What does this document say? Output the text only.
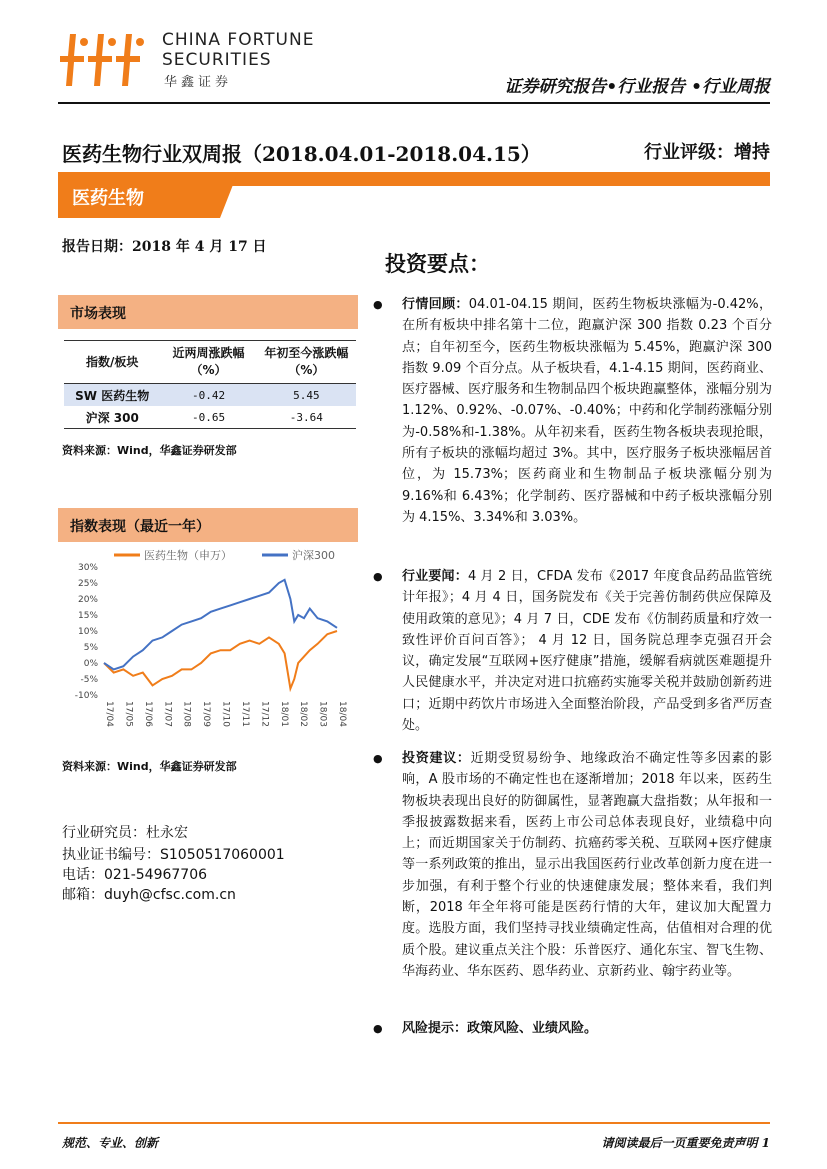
CHINA FORTUNE
SECURITIES
华鑫证券	证券研究报告•行业报告 •行业周报
医药生物行业双周报（2018.04.01-2018.04.15）	行业评级：增持
医药生物
报告日期：2018 年 4 月 17 日
投资要点：
市场表现
指数/板块	近两周涨跌幅（%）	年初至今涨跌幅（%）
SW 医药生物	-0.42	5.45
沪深 300	-0.65	-3.64
资料来源：Wind，华鑫证券研发部
指数表现（最近一年）
30%
25%
20%
15%
10%
5%
0%
-5%
-10%
17/04 17/05 17/06 17/07 17/08 17/09 17/10 17/11 17/12 18/01 18/02 18/03 18/04
医药生物（申万）	沪深300
资料来源：Wind，华鑫证券研发部
行业研究员：杜永宏
执业证书编号：S1050517060001
电话：021-54967706
邮箱：duyh@cfsc.com.cn
●	行情回顾：04.01-04.15 期间，医药生物板块涨幅为-0.42%，在所有板块中排名第十二位，跑赢沪深 300 指数 0.23 个百分点；自年初至今，医药生物板块涨幅为 5.45%，跑赢沪深 300 指数 9.09 个百分点。从子板块看，4.1-4.15 期间，医药商业、医疗器械、医疗服务和生物制品四个板块跑赢整体，涨幅分别为 1.12%、0.92%、-0.07%、-0.40%；中药和化学制药涨幅分别为-0.58%和-1.38%。从年初来看，医药生物各板块表现抢眼，所有子板块的涨幅均超过 3%。其中，医疗服务子板块涨幅居首位，为 15.73%；医药商业和生物制品子板块涨幅分别为 9.16%和 6.43%；化学制药、医疗器械和中药子板块涨幅分别为 4.15%、3.34%和 3.03%。
●	行业要闻：4 月 2 日，CFDA 发布《2017 年度食品药品监管统计年报》；4 月 4 日，国务院发布《关于完善仿制药供应保障及使用政策的意见》；4 月 7 日，CDE 发布《仿制药质量和疗效一致性评价百问百答》； 4 月 12 日，国务院总理李克强召开会议，确定发展“互联网+医疗健康”措施，缓解看病就医难题提升人民健康水平，并决定对进口抗癌药实施零关税并鼓励创新药进口；近期中药饮片市场进入全面整治阶段，产品受到多省严厉查处。
●	投资建议：近期受贸易纷争、地缘政治不确定性等多因素的影响，A 股市场的不确定性也在逐渐增加；2018 年以来，医药生物板块表现出良好的防御属性，显著跑赢大盘指数；从年报和一季报披露数据来看，医药上市公司总体表现良好，业绩稳中向上；而近期国家关于仿制药、抗癌药零关税、互联网+医疗健康等一系列政策的推出，显示出我国医药行业改革创新力度在进一步加强，有利于整个行业的快速健康发展；整体来看，我们判断，2018 年全年将可能是医药行情的大年，建议加大配置力度。选股方面，我们坚持寻找业绩确定性高，估值相对合理的优质个股。建议重点关注个股：乐普医疗、通化东宝、智飞生物、华海药业、华东医药、恩华药业、京新药业、翰宇药业等。
●	风险提示：政策风险、业绩风险。
规范、专业、创新	请阅读最后一页重要免责声明 1
